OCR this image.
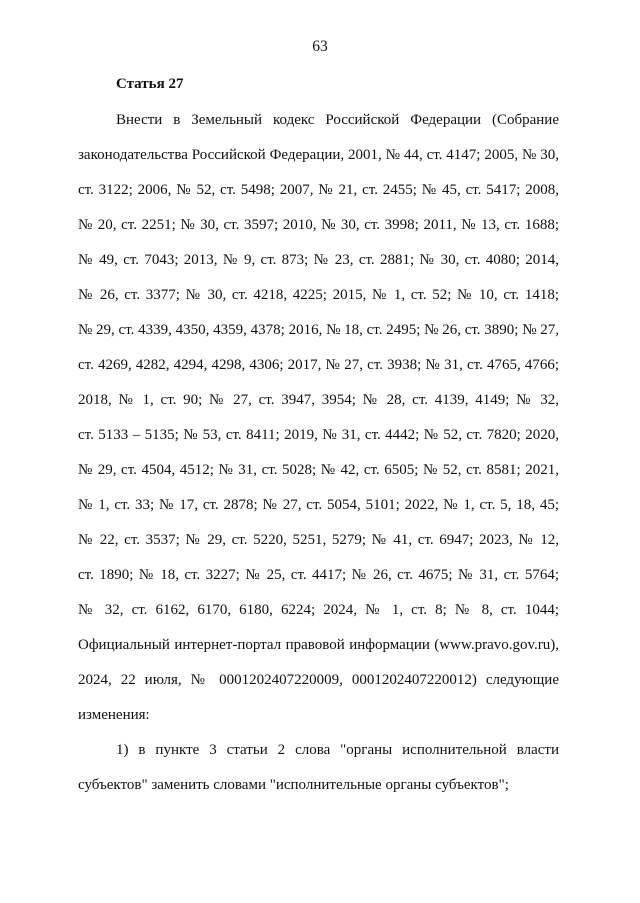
63
Статья 27
Внести в Земельный кодекс Российской Федерации (Собрание
законодательства Российской Федерации, 2001, № 44, ст. 4147; 2005, № 30,
ст. 3122; 2006, № 52, ст. 5498; 2007, № 21, ст. 2455; № 45, ст. 5417; 2008,
№ 20, ст. 2251; № 30, ст. 3597; 2010, № 30, ст. 3998; 2011, № 13, ст. 1688;
№ 49, ст. 7043; 2013, № 9, ст. 873; № 23, ст. 2881; № 30, ст. 4080; 2014,
№ 26, ст. 3377; № 30, ст. 4218, 4225; 2015, № 1, ст. 52; № 10, ст. 1418;
№ 29, ст. 4339, 4350, 4359, 4378; 2016, № 18, ст. 2495; № 26, ст. 3890; № 27,
ст. 4269, 4282, 4294, 4298, 4306; 2017, № 27, ст. 3938; № 31, ст. 4765, 4766;
2018, № 1, ст. 90; № 27, ст. 3947, 3954; № 28, ст. 4139, 4149; № 32,
ст. 5133 – 5135; № 53, ст. 8411; 2019, № 31, ст. 4442; № 52, ст. 7820; 2020,
№ 29, ст. 4504, 4512; № 31, ст. 5028; № 42, ст. 6505; № 52, ст. 8581; 2021,
№ 1, ст. 33; № 17, ст. 2878; № 27, ст. 5054, 5101; 2022, № 1, ст. 5, 18, 45;
№ 22, ст. 3537; № 29, ст. 5220, 5251, 5279; № 41, ст. 6947; 2023, № 12,
ст. 1890; № 18, ст. 3227; № 25, ст. 4417; № 26, ст. 4675; № 31, ст. 5764;
№ 32, ст. 6162, 6170, 6180, 6224; 2024, № 1, ст. 8; № 8, ст. 1044;
Официальный интернет-портал правовой информации (www.pravo.gov.ru),
2024, 22 июля, № 0001202407220009, 0001202407220012) следующие
изменения:
1) в пункте 3 статьи 2 слова "органы исполнительной власти
субъектов" заменить словами "исполнительные органы субъектов";
